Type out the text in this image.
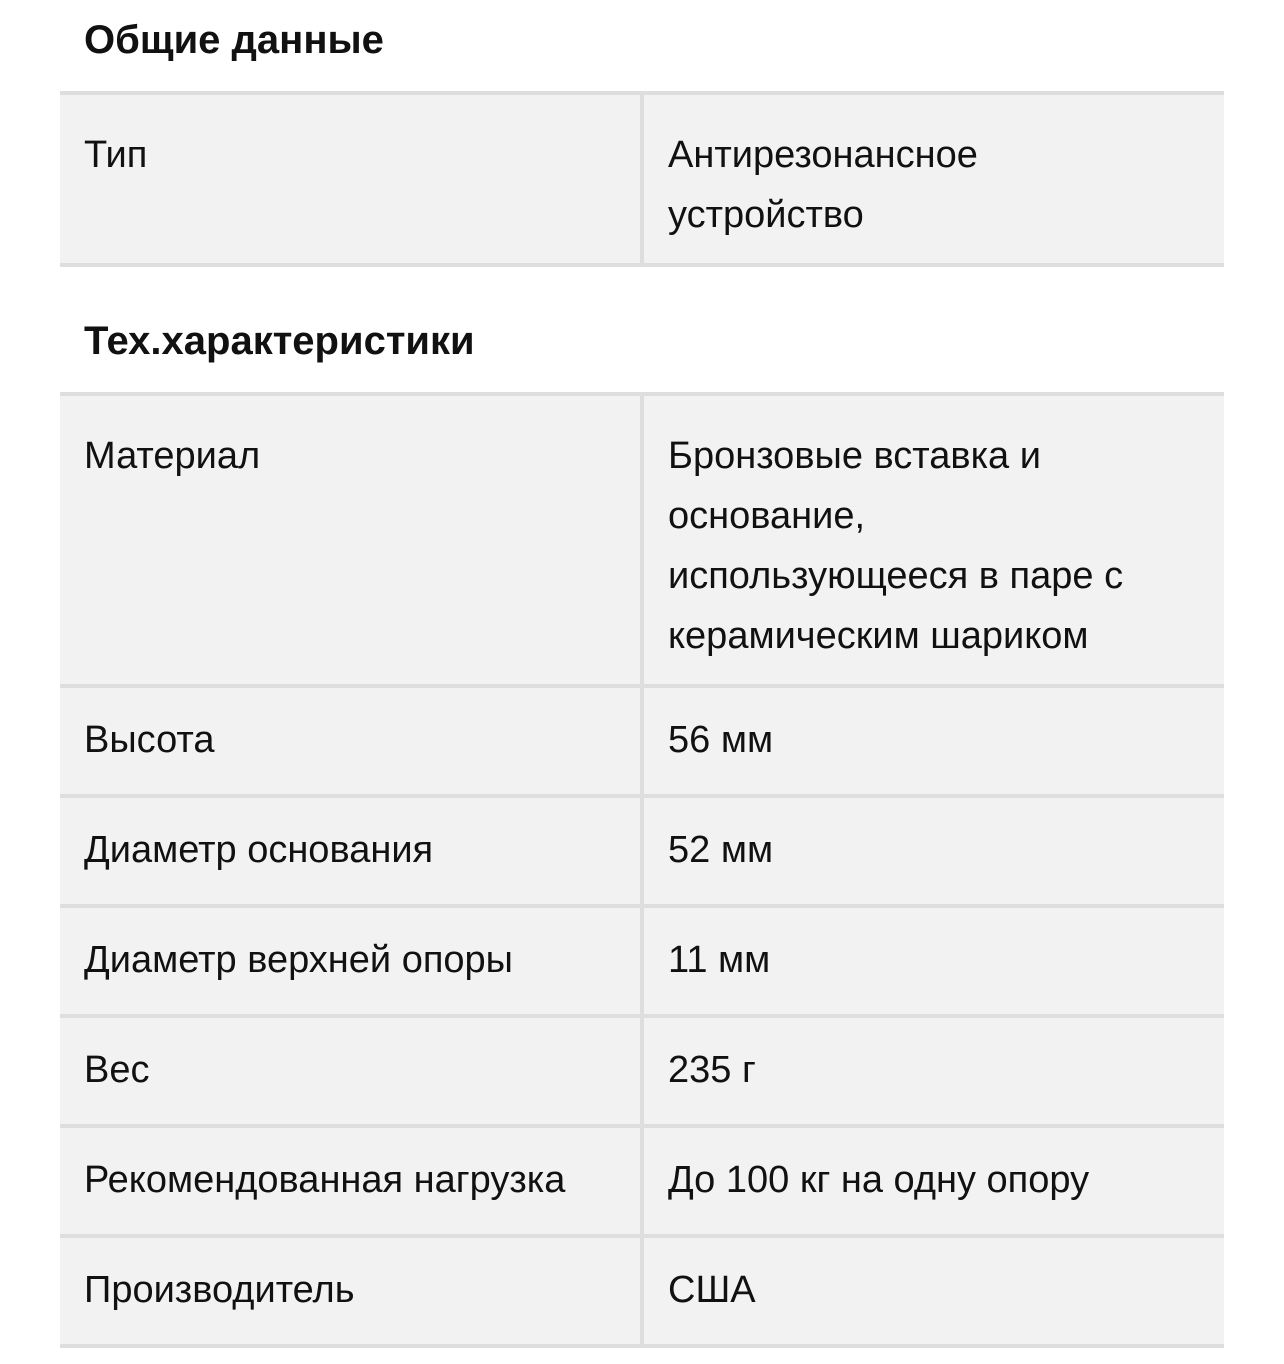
Общие данные
Тип	Антирезонансное
устройство
Тех.характеристики
Материал	Бронзовые вставка и
основание,
использующееся в паре с
керамическим шариком
Высота	56 мм
Диаметр основания	52 мм
Диаметр верхней опоры	11 мм
Вес	235 г
Рекомендованная нагрузка	До 100 кг на одну опору
Производитель	США
